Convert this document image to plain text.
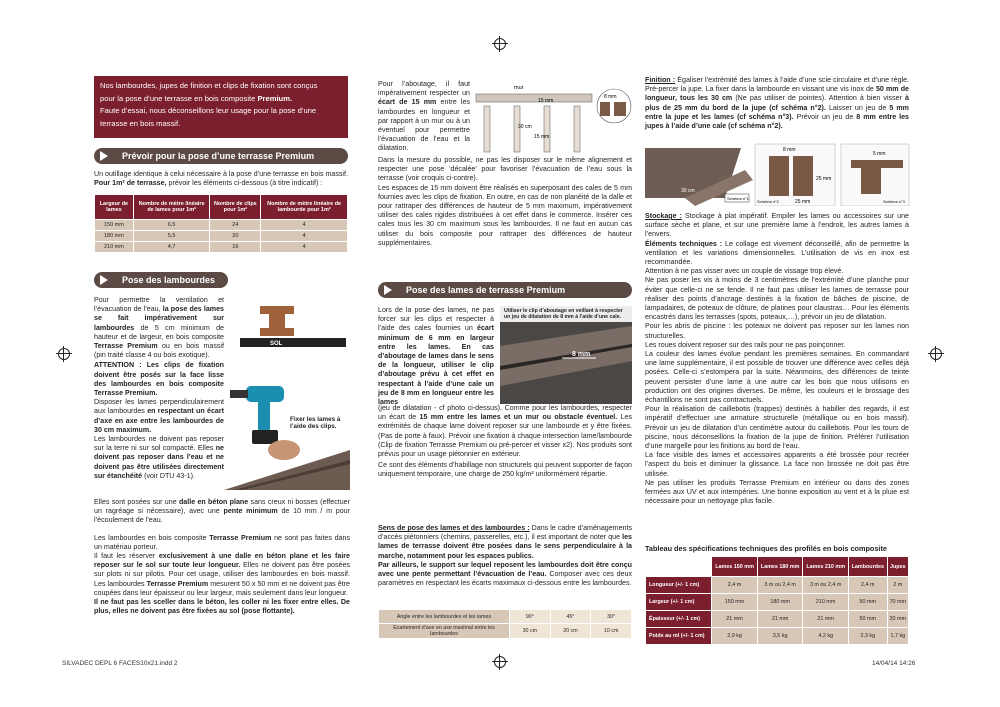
Nos lambourdes, jupes de finition et clips de fixation sont conçus
pour la pose d’une terrasse en bois composite Premium.
Faute d’essai, nous déconseillons leur usage pour la pose d’une
terrasse en bois massif.
Prévoir pour la pose d’une terrasse Premium
Un outillage identique à celui nécessaire à la pose d’une terrasse en bois massif.
Pour 1m² de terrasse, prévoir les éléments ci-dessous (à titre indicatif) :
Largeur de lames	Nombre de mètre linéaire de lames pour 1m²	Nombre de clips pour 1m²	Nombre de mètre linéaire de lambourde pour 1m²
150 mm	6,5	24	4
180 mm	5,5	20	4
210 mm	4,7	16	4
Pose des lambourdes
Pour permettre la ventilation et l’évacuation de l’eau, la pose des lames se fait impérativement sur lambourdes de 5 cm minimum de hauteur et de largeur, en bois composite Terrasse Premium ou en bois massif (pin traité classe 4 ou bois exotique).
ATTENTION : Les clips de fixation doivent être posés sur la face lisse des lambourdes en bois composite Terrasse Premium.
Disposer les lames perpendiculairement aux lambourdes en respectant un écart d’axe en axe entre les lambourdes de 30 cm maximum.
Les lambourdes ne doivent pas reposer sur la terre ni sur sol compacté. Elles ne doivent pas reposer dans l’eau et ne doivent pas être utilisées directement sur étanchéité (voir DTU 43-1).
Elles sont posées sur une dalle en béton plane sans creux ni bosses (effectuer un ragréage si nécessaire), avec une pente minimum de 10 mm / m pour l’écoulement de l’eau.
Les lambourdes en bois composite Terrasse Premium ne sont pas faites dans un matériau porteur.
Il faut les réserver exclusivement à une dalle en béton plane et les faire reposer sur le sol sur toute leur longueur. Elles ne doivent pas être posées sur plots ni sur pilotis. Pour cet usage, utiliser des lambourdes en bois massif. Les lambourdes Terrasse Premium mesurent 50 x 50 mm et ne doivent pas être coupées dans leur épaisseur ou leur largeur, mais seulement dans leur longueur.
Il ne faut pas les sceller dans le béton, les coller ni les fixer entre elles. De plus, elles ne doivent pas être fixées au sol (pose flottante).
SOL
Fixer les lames à l’aide des clips.
Pour l’aboutage, il faut impérativement respecter un écart de 15 mm entre les lambourdes en longueur et par rapport à un mur ou à un éventuel pour permettre l’évacuation de l’eau et la dilatation.
mur
15 mm
30 cm
15 mm
8 mm
Dans la mesure du possible, ne pas les disposer sur le même alignement et respecter une pose ‘décalée’ pour favoriser l’évacuation de l’eau sous la terrasse (voir croquis ci-contre).
Les espaces de 15 mm doivent être réalisés en superposant des cales de 5 mm fournies avec les clips de fixation. En outre, en cas de non planéité de la dalle et pour rattraper des différences de hauteur de 5 mm maximum, impérativement utiliser des cales rigides distribuées à cet effet dans le commerce. Insérer ces cales tous les 30 cm maximum sous les lambourdes. Il ne faut en aucun cas utiliser du bois composite pour rattraper des différences de hauteur supplémentaires.
Pose des lames de terrasse Premium
Lors de la pose des lames, ne pas forcer sur les clips et respecter à l’aide des cales fournies un écart minimum de 6 mm en largeur entre les lames. En cas d’aboutage de lames dans le sens de la longueur, utiliser le clip d’aboutage prévu à cet effet en respectant à l’aide d’une cale un jeu de 8 mm en longueur entre les lames
8 mm
Utiliser le clip d’aboutage en veillant à respecter un jeu de dilatation de 8 mm à l’aide d’une cale.
(jeu de dilatation - cf photo ci-dessus). Comme pour les lambourdes, respecter un écart de 15 mm entre les lames et un mur ou obstacle éventuel. Les extrémités de chaque lame doivent reposer sur une lambourde et y être fixées. (Pas de porte à faux). Prévoir une fixation à chaque intersection lame/lambourde (Clip de fixation Terrasse Premium ou pré-percer et visser x2). Nos produits sont prévus pour un usage piétonnier en extérieur.
Ce sont des éléments d’habillage non structurels qui peuvent supporter de façon uniquement temporaire, une charge de 250 kg/m² uniformément répartie.
Sens de pose des lames et des lambourdes : Dans le cadre d’aménagements d’accès piétonniers (chemins, passerelles, etc.), il est important de noter que les lames de terrasse doivent être posées dans le sens perpendiculaire à la marche, notamment pour les espaces publics.
Par ailleurs, le support sur lequel reposent les lambourdes doit être conçu avec une pente permettant l’évacuation de l’eau. Composer avec ces deux paramètres en respectant les écarts maximaux ci-dessous entre les lambourdes.
Angle entre les lambourdes et les lames	90°	45°	30°
Ecartement d’axe en axe maximal entre les lambourdes	30 cm	20 cm	10 cm
Finition : Égaliser l’extrémité des lames à l’aide d’une scie circulaire et d’une règle. Pré-percer la jupe. La fixer dans la lambourde en vissant une vis inox de 50 mm de longueur, tous les 30 cm (Ne pas utiliser de pointes). Attention à bien visser à plus de 25 mm du bord de la jupe (cf schéma n°2). Laisser un jeu de 5 mm entre la jupe et les lames (cf schéma n°3). Prévoir un jeu de 8 mm entre les jupes à l’aide d’une cale (cf schéma n°2).
30 cm
Schéma n°1
8 mm
25 mm
25 mm
Schéma n°2
5 mm
Schéma n°3
Stockage : Stockage à plat impératif. Empiler les lames ou accessoires sur une surface sèche et plane, et sur une première lame à l’endroit, les autres lames à l’envers.
Éléments techniques : Le collage est vivement déconseillé, afin de permettre la ventilation et les variations dimensionnelles. L’utilisation de vis en inox est recommandée.
Attention à ne pas visser avec un couple de vissage trop élevé.
Ne pas poser les vis à moins de 3 centimètres de l’extrémité d’une planche pour éviter que celle-ci ne se fende. Il ne faut pas utiliser les lames de terrasse pour réaliser des points d’ancrage destinés à la fixation de bâches de piscine, de lampadaires, de poteaux de clôture, de platines pour claustras… Pour les éléments encastrés dans les terrasses (spots, poteaux,…), prévoir un jeu de dilatation.
Pour les abris de piscine : les poteaux ne doivent pas reposer sur les lames non structurelles.
Les roues doivent reposer sur des rails pour ne pas poinçonner.
La couleur des lames évolue pendant les premières semaines. En commandant une lame supplémentaire, il est possible de trouver une différence avec celles déjà posées. Celle-ci s’estompera par la suite. Néanmoins, des différences de teinte peuvent persister d’une lame à une autre car les bois que nous utilisons en production ont des origines diverses. De même, les couleurs et le brossage des échantillons ne sont pas contractuels.
Pour la réalisation de caillebotis (trappes) destinés à habiller des regards, il est impératif d’effectuer une armature structurelle (métallique ou en bois massif). Prévoir un jeu de dilatation d’un centimètre autour du caillebotis. Pour les tours de piscine, nous déconseillons la fixation de la jupe de finition. Préférer l’utilisation d’une margelle pour les finitions au bord de l’eau.
La face visible des lames et accessoires apparents a été brossée pour recréer l’aspect du bois et diminuer la glissance. La face non brossée ne doit pas être utilisée.
Ne pas utiliser les produits Terrasse Premium en intérieur ou dans des zones fermées aux UV et aux intempéries. Une bonne exposition au vent et à la pluie est nécessaire pour un nettoyage plus facile.
Tableau des spécifications techniques des profilés en bois composite
	Lames 150 mm	Lames 180 mm	Lames 210 mm	Lambourdes	Jupes
Longueur (+/- 1 cm)	2,4 m	3 m ou 2,4 m	3 m ou 2,4 m	2,4 m	2 m
Largeur (+/- 1 cm)	150 mm	180 mm	210 mm	50 mm	70 mm
Épaisseur (+/- 1 cm)	21 mm	21 mm	21 mm	50 mm	20 mm
Poids au ml (+/- 1 cm)	2,9 kg	3,5 kg	4,2 kg	2,3 kg	1,7 kg
SILVADEC DEPL 6 FACES10x21.indd 2	14/04/14 14:26
